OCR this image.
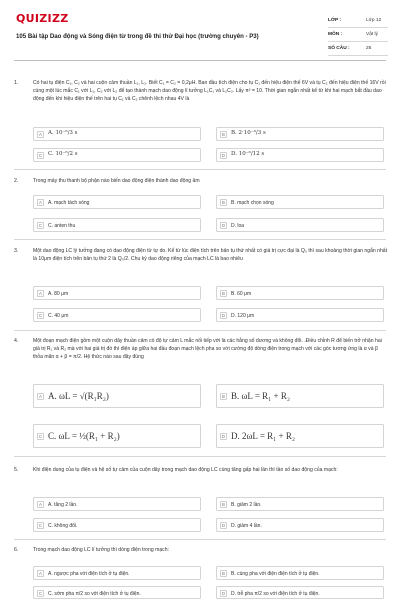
QUIZIZZ
105 Bài tập Dao động và Sóng điện từ trong đề thi thử Đại học (trường chuyên - P3)
LỚP :	Lớp 12
MÔN :	Vật lý
SỐ CÂU :	25
1.	Có hai tụ điện C₁, C₂ và hai cuộn cảm thuần L₁, L₂. Biết C₁ = C₂ = 0,2μH. Ban đầu tích điện cho tụ C₁ đến hiệu điện thế 6V và tụ C₂ đến hiệu điện thế 16V rồi cùng một lúc mắc C₁ với L₁, C₂ với L₂ để tạo thành mạch dao động lí tưởng L₁C₁ và L₂C₂. Lấy π² = 10. Thời gian ngắn nhất kể từ khi hai mạch bắt đầu dao động đến khi hiệu điện thế trên hai tụ C₁ và C₂ chênh lệch nhau 4V là
A	A. 10⁻⁶/3 s	B	B. 2·10⁻⁶/3 s
C	C. 10⁻⁶/2 s	D	D. 10⁻⁶/12 s
2.	Trong máy thu thanh bộ phận nào biến dao động điện thành dao động âm
A	A. mạch tách sóng	B	B. mạch chọn sóng
C	C. anten thu	D	D. loa
3.	Một dao động LC lý tưởng đang có dao động điện từ tự do. Kể từ lúc điện tích trên bản tụ thứ nhất có giá trị cực đại là Q₀ thì sau khoảng thời gian ngắn nhất là 10μm điện tích trên bản tụ thứ 2 là Q₀/2. Chu kỳ dao động riêng của mạch LC là bao nhiêu
A	A. 80 μm	B	B. 60 μm
C	C. 40 μm	D	D. 120 μm
4.	Một đoạn mạch điện gồm một cuộn dây thuần cảm có độ tự cảm L mắc nối tiếp với là các hằng số dương và không đổi. .Điều chỉnh R để biến trở nhận hai giá trị R₁ và R₂ mà với hai giá trị đó thì điện áp giữa hai đầu đoạn mạch lệch pha so với cường độ dòng điện trong mạch với các góc tương ứng là α và β thỏa mãn α + β = π/2. Hệ thức nào sau đây đúng
A A. ωL = √(R₁R₂)	B B. ωL = R₁ + R₂
C C. ωL = ½(R₁ + R₂)	D D. 2ωL = R₁ + R₂
5.	Khi điện dung của tụ điện và hệ số tự cảm của cuộn dây trong mạch dao động LC cùng tăng gấp hai lần thì tần số dao động của mạch:
A	A. tăng 2 lần.	B	B. giảm 2 lần.
C	C. không đổi.	D	D. giảm 4 lần.
6.	Trong mạch dao động LC lí tưởng thì dòng điện trong mạch:
A	A. ngược pha với điện tích ở tụ điện.	B	B. cùng pha với điện điện tích ở tụ điện.
C	C. sớm pha π/2 so với điện tích ở tụ điện.	D	D. trễ pha π/2 so với điện tích ở tụ điện.
